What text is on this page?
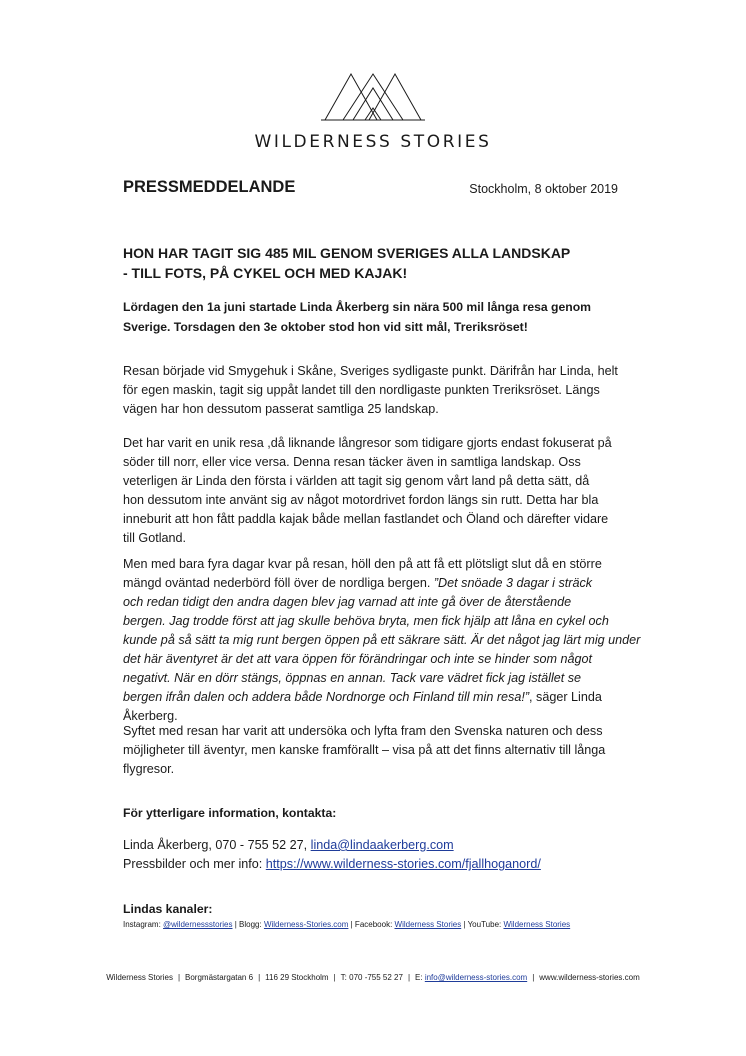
WILDERNESS STORIES
PRESSMEDDELANDE	Stockholm, 8 oktober 2019
HON HAR TAGIT SIG 485 MIL GENOM SVERIGES ALLA LANDSKAP
- TILL FOTS, PÅ CYKEL OCH MED KAJAK!
Lördagen den 1a juni startade Linda Åkerberg sin nära 500 mil långa resa genom
Sverige. Torsdagen den 3e oktober stod hon vid sitt mål, Treriksröset!
Resan började vid Smygehuk i Skåne, Sveriges sydligaste punkt. Därifrån har Linda, helt
för egen maskin, tagit sig uppåt landet till den nordligaste punkten Treriksröset. Längs
vägen har hon dessutom passerat samtliga 25 landskap.
Det har varit en unik resa ,då liknande långresor som tidigare gjorts endast fokuserat på
söder till norr, eller vice versa. Denna resan täcker även in samtliga landskap. Oss
veterligen är Linda den första i världen att tagit sig genom vårt land på detta sätt, då
hon dessutom inte använt sig av något motordrivet fordon längs sin rutt. Detta har bla
inneburit att hon fått paddla kajak både mellan fastlandet och Öland och därefter vidare
till Gotland.
Men med bara fyra dagar kvar på resan, höll den på att få ett plötsligt slut då en större
mängd oväntad nederbörd föll över de nordliga bergen. ”Det snöade 3 dagar i sträck
och redan tidigt den andra dagen blev jag varnad att inte gå över de återstående
bergen. Jag trodde först att jag skulle behöva bryta, men fick hjälp att låna en cykel och
kunde på så sätt ta mig runt bergen öppen på ett säkrare sätt. Är det något jag lärt mig under
det här äventyret är det att vara öppen för förändringar och inte se hinder som något
negativt. När en dörr stängs, öppnas en annan. Tack vare vädret fick jag istället se
bergen ifrån dalen och addera både Nordnorge och Finland till min resa!”, säger Linda
Åkerberg.
Syftet med resan har varit att undersöka och lyfta fram den Svenska naturen och dess
möjligheter till äventyr, men kanske framförallt – visa på att det finns alternativ till långa
flygresor.
För ytterligare information, kontakta:
Linda Åkerberg, 070 - 755 52 27, linda@lindaakerberg.com
Pressbilder och mer info: https://www.wilderness-stories.com/fjallhoganord/
Lindas kanaler:
Instagram: @wildernessstories | Blogg: Wilderness-Stories.com | Facebook: Wilderness Stories | YouTube: Wilderness Stories
Wilderness Stories | Borgmästargatan 6 | 116 29 Stockholm | T: 070 -755 52 27 | E: info@wilderness-stories.com | www.wilderness-stories.com
